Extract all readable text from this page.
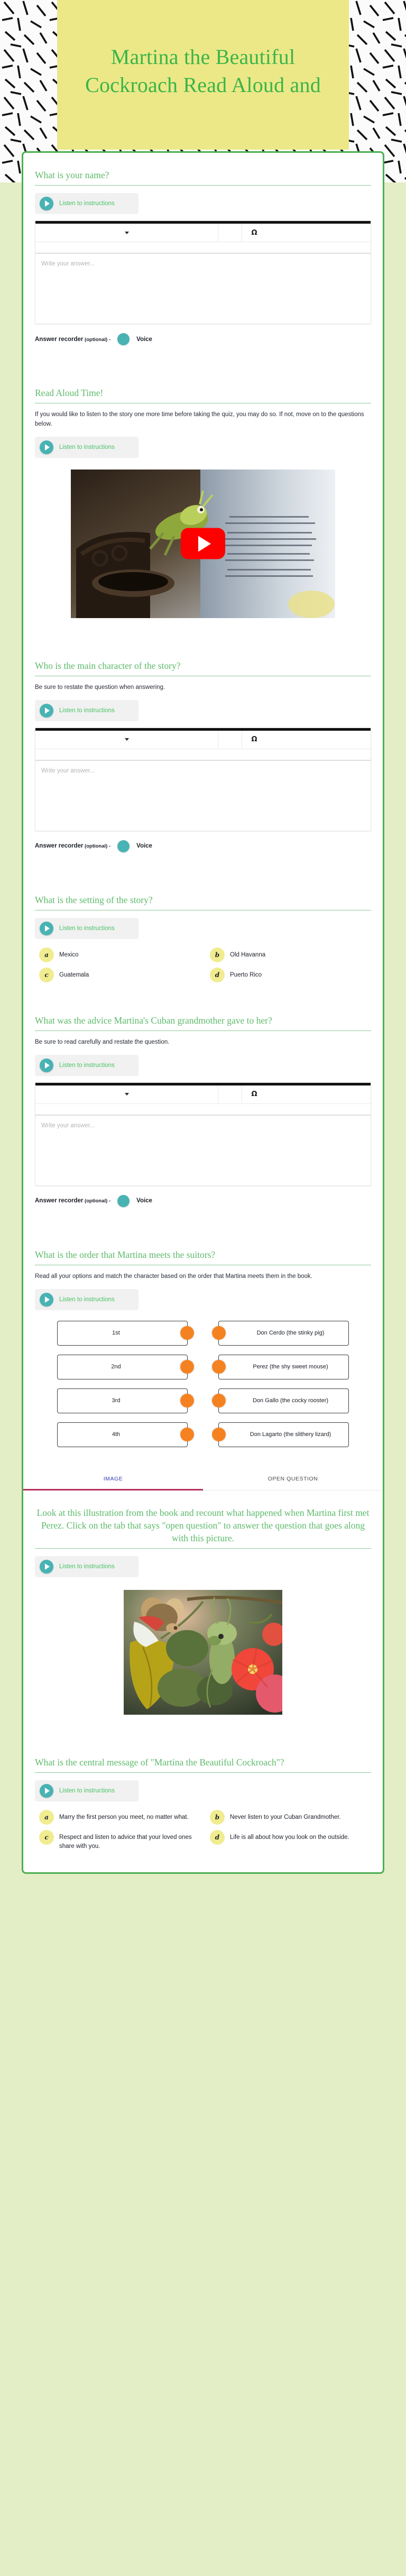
Martina the Beautiful Cockroach Read Aloud and
What is your name?
Listen to instructions
Ω
Write your answer...
Answer recorder (optional) -	Voice
Read Aloud Time!
If you would like to listen to the story one more time before taking the quiz, you may do so. If not, move on to the questions below.
Listen to instructions
Who is the main character of the story?
Be sure to restate the question when answering.
Listen to instructions
Ω
Write your answer...
Answer recorder (optional) -	Voice
What is the setting of the story?
Listen to instructions
a	Mexico	b	Old Havanna
c	Guatemala	d	Puerto Rico
What was the advice Martina's Cuban grandmother gave to her?
Be sure to read carefully and restate the question.
Listen to instructions
Ω
Write your answer...
Answer recorder (optional) -	Voice
What is the order that Martina meets the suitors?
Read all your options and match the character based on the order that Martina meets them in the book.
Listen to instructions
1st	Don Cerdo (the stinky pig)
2nd	Perez (the shy sweet mouse)
3rd	Don Gallo (the cocky rooster)
4th	Don Lagarto (the slithery lizard)
IMAGE	OPEN QUESTION
Look at this illustration from the book and recount what happened when Martina first met Perez. Click on the tab that says "open question" to answer the question that goes along with this picture.
Listen to instructions
What is the central message of "Martina the Beautiful Cockroach"?
Listen to instructions
a	Marry the first person you meet, no matter what.	b	Never listen to your Cuban Grandmother.
c	Respect and listen to advice that your loved ones share with you.
d	Life is all about how you look on the outside.
